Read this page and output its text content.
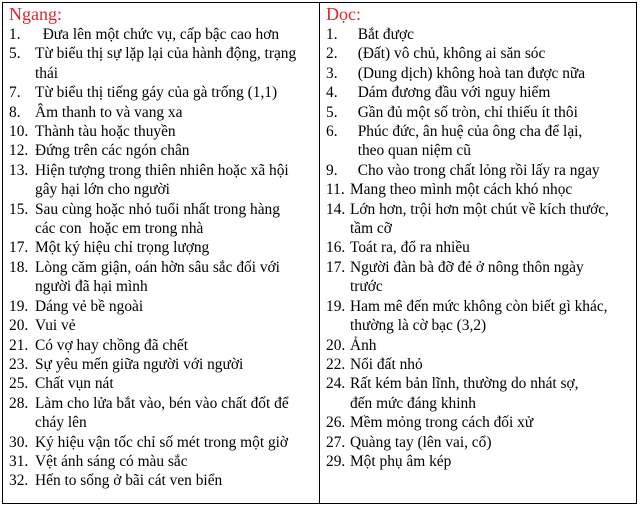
Ngang:
1. Đưa lên một chức vụ, cấp bậc cao hơn
5. Từ biểu thị sự lặp lại của hành động, trạng
thái
7. Từ biểu thị tiếng gáy của gà trống (1,1)
8. Âm thanh to và vang xa
10. Thành tàu hoặc thuyền
12. Đứng trên các ngón chân
13. Hiện tượng trong thiên nhiên hoặc xã hội
gây hại lớn cho người
15. Sau cùng hoặc nhỏ tuổi nhất trong hàng
các con  hoặc em trong nhà
17. Một ký hiệu chỉ trọng lượng
18. Lòng căm giận, oán hờn sâu sắc đối với
người đã hại mình
19. Dáng vẻ bề ngoài
20. Vui vẻ
21. Có vợ hay chồng đã chết
23. Sự yêu mến giữa người với người
25. Chất vụn nát
28. Làm cho lửa bắt vào, bén vào chất đốt để
cháy lên
30. Ký hiệu vận tốc chỉ số mét trong một giờ
31. Vệt ánh sáng có màu sắc
32. Hến to sống ở bãi cát ven biển
Dọc:
1. Bắt được
2. (Đất) vô chủ, không ai săn sóc
3. (Dung dịch) không hoà tan được nữa
4. Dám đương đầu với nguy hiểm
5. Gần đủ một số tròn, chỉ thiếu ít thôi
6. Phúc đức, ân huệ của ông cha để lại,
theo quan niệm cũ
9. Cho vào trong chất lỏng rồi lấy ra ngay
11. Mang theo mình một cách khó nhọc
14. Lớn hơn, trội hơn một chút về kích thước,
tầm cỡ
16. Toát ra, đổ ra nhiều
17. Người đàn bà đỡ đẻ ở nông thôn ngày
trước
19. Ham mê đến mức không còn biết gì khác,
thường là cờ bạc (3,2)
20. Ảnh
22. Nổi đất nhỏ
24. Rất kém bản lĩnh, thường do nhát sợ,
đến mức đáng khinh
26. Mềm mỏng trong cách đối xử
27. Quàng tay (lên vai, cổ)
29. Một phụ âm kép
